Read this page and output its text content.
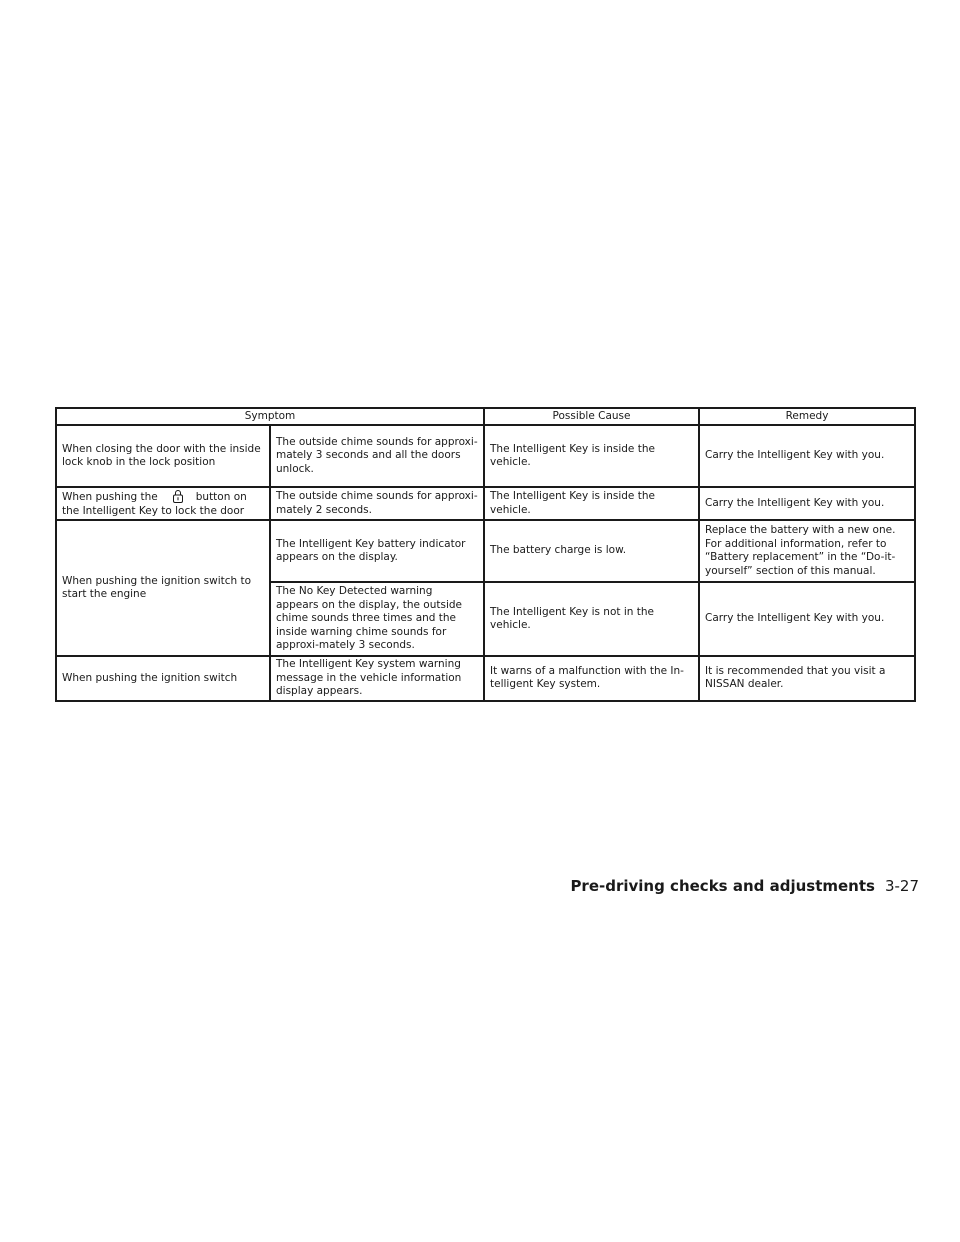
Symptom		Possible Cause	Remedy
When closing the door with the inside lock knob in the lock position	The outside chime sounds for approxi-mately 3 seconds and all the doors unlock.	The Intelligent Key is inside the vehicle.	Carry the Intelligent Key with you.
When pushing the button on the Intelligent Key to lock the door	The outside chime sounds for approxi-mately 2 seconds.	The Intelligent Key is inside the vehicle.	Carry the Intelligent Key with you.
When pushing the ignition switch to start the engine	The Intelligent Key battery indicator appears on the display.	The battery charge is low.	Replace the battery with a new one. For additional information, refer to “Battery replacement” in the “Do-it-yourself” section of this manual.
	The No Key Detected warning appears on the display, the outside chime sounds three times and the inside warning chime sounds for approxi-mately 3 seconds.	The Intelligent Key is not in the vehicle.	Carry the Intelligent Key with you.
When pushing the ignition switch	The Intelligent Key system warning message in the vehicle information display appears.	It warns of a malfunction with the In-telligent Key system.	It is recommended that you visit a NISSAN dealer.
Pre-driving checks and adjustments 3-27
